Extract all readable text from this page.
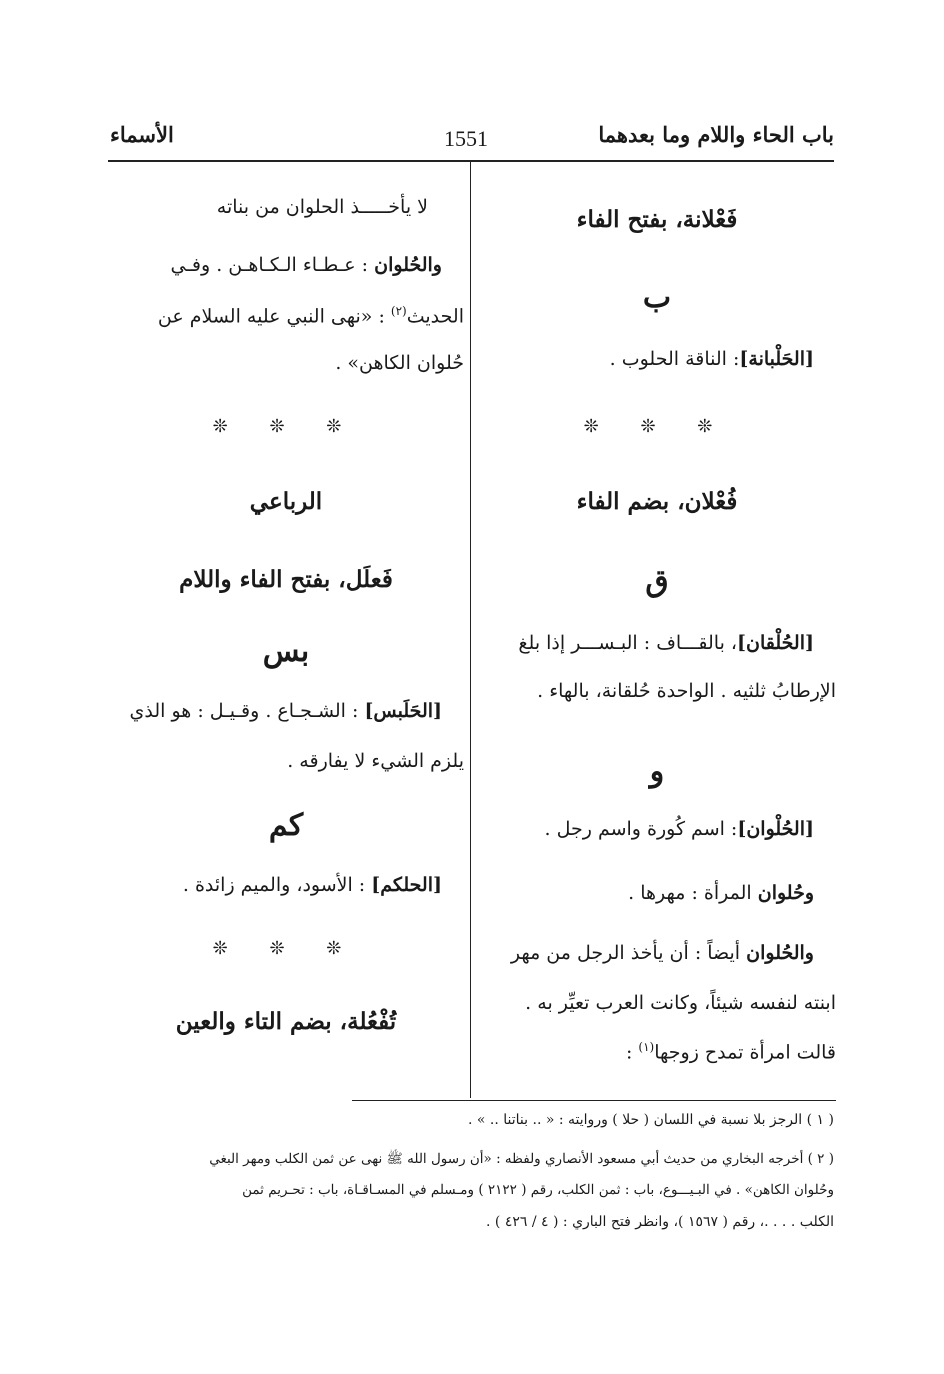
باب الحاء واللام وما بعدهما
1551
الأسماء
فَعْلانة، بفتح الفاء
ب
[الحَلْبانة]: الناقة الحلوب .
❊ ❊ ❊
فُعْلان، بضم الفاء
ق
[الحُلْقان]، بالقـــاف : البـســـر إذا بلغ
الإرطابُ ثلثيه . الواحدة حُلقانة، بالهاء .
و
[الحُلْوان]: اسم كُورة واسم رجل .
وحُلوان المرأة : مهرها .
والحُلوان أيضاً : أن يأخذ الرجل من مهر
ابنته لنفسه شيئاً، وكانت العرب تعيِّر به .
قالت امرأة تمدح زوجها$^{(١)}$ :
لا يأخـــــذ الحلوان من بناته
والحُلوان : عـطـاء الـكـاهـن . وفـي
الحديث$^{(٢)}$ : «نهى النبي عليه السلام عن
حُلوان الكاهن» .
❊ ❊ ❊
الرباعي
فَعلَل، بفتح الفاء واللام
بس
[الحَلَبس] : الشـجـاع . وقـيـل : هو الذي
يلزم الشيء لا يفارقه .
كم
[الحلكم] : الأسود، والميم زائدة .
❊ ❊ ❊
تُفْعُلة، بضم التاء والعين
( ١ ) الرجز بلا نسبة في اللسان ( حلا ) وروايته : « .. بناتنا .. » .
( ٢ ) أخرجه البخاري من حديث أبي مسعود الأنصاري ولفظه : «أن رسول الله ﷺ نهى عن ثمن الكلب ومهر البغي
وحُلوان الكاهن» . في البـيـــوع، باب : ثمن الكلب، رقم ( ٢١٢٢ ) ومـسلم في المسـاقـاة، باب : تحـريم ثمن
الكلب . . . .، رقم ( ١٥٦٧ )، وانظر فتح الباري : ( ٤ / ٤٢٦ ) .
